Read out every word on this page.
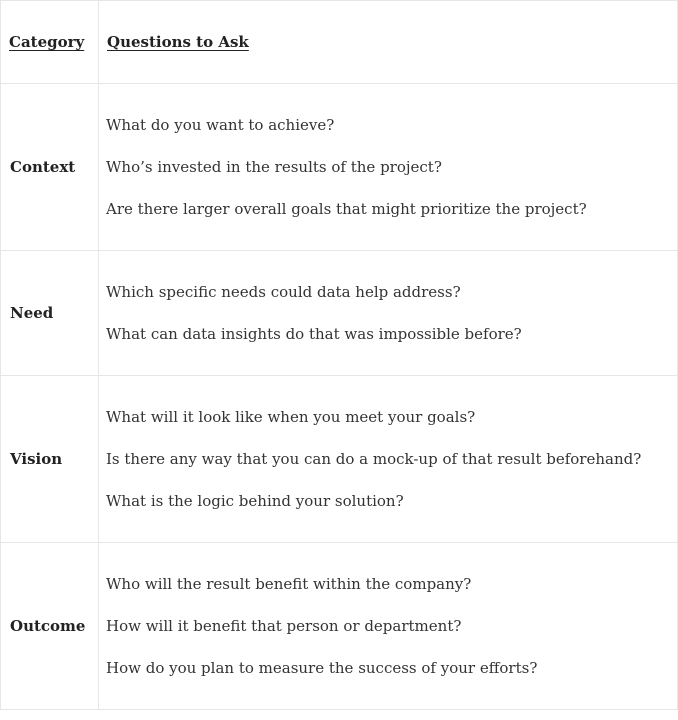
Category	Questions to Ask
Context	What do you want to achieve?
Who’s invested in the results of the project?
Are there larger overall goals that might prioritize the project?

Need	Which specific needs could data help address?
What can data insights do that was impossible before?

Vision	What will it look like when you meet your goals?
Is there any way that you can do a mock-up of that result beforehand?
What is the logic behind your solution?

Outcome	Who will the result benefit within the company?
How will it benefit that person or department?
How do you plan to measure the success of your efforts?
